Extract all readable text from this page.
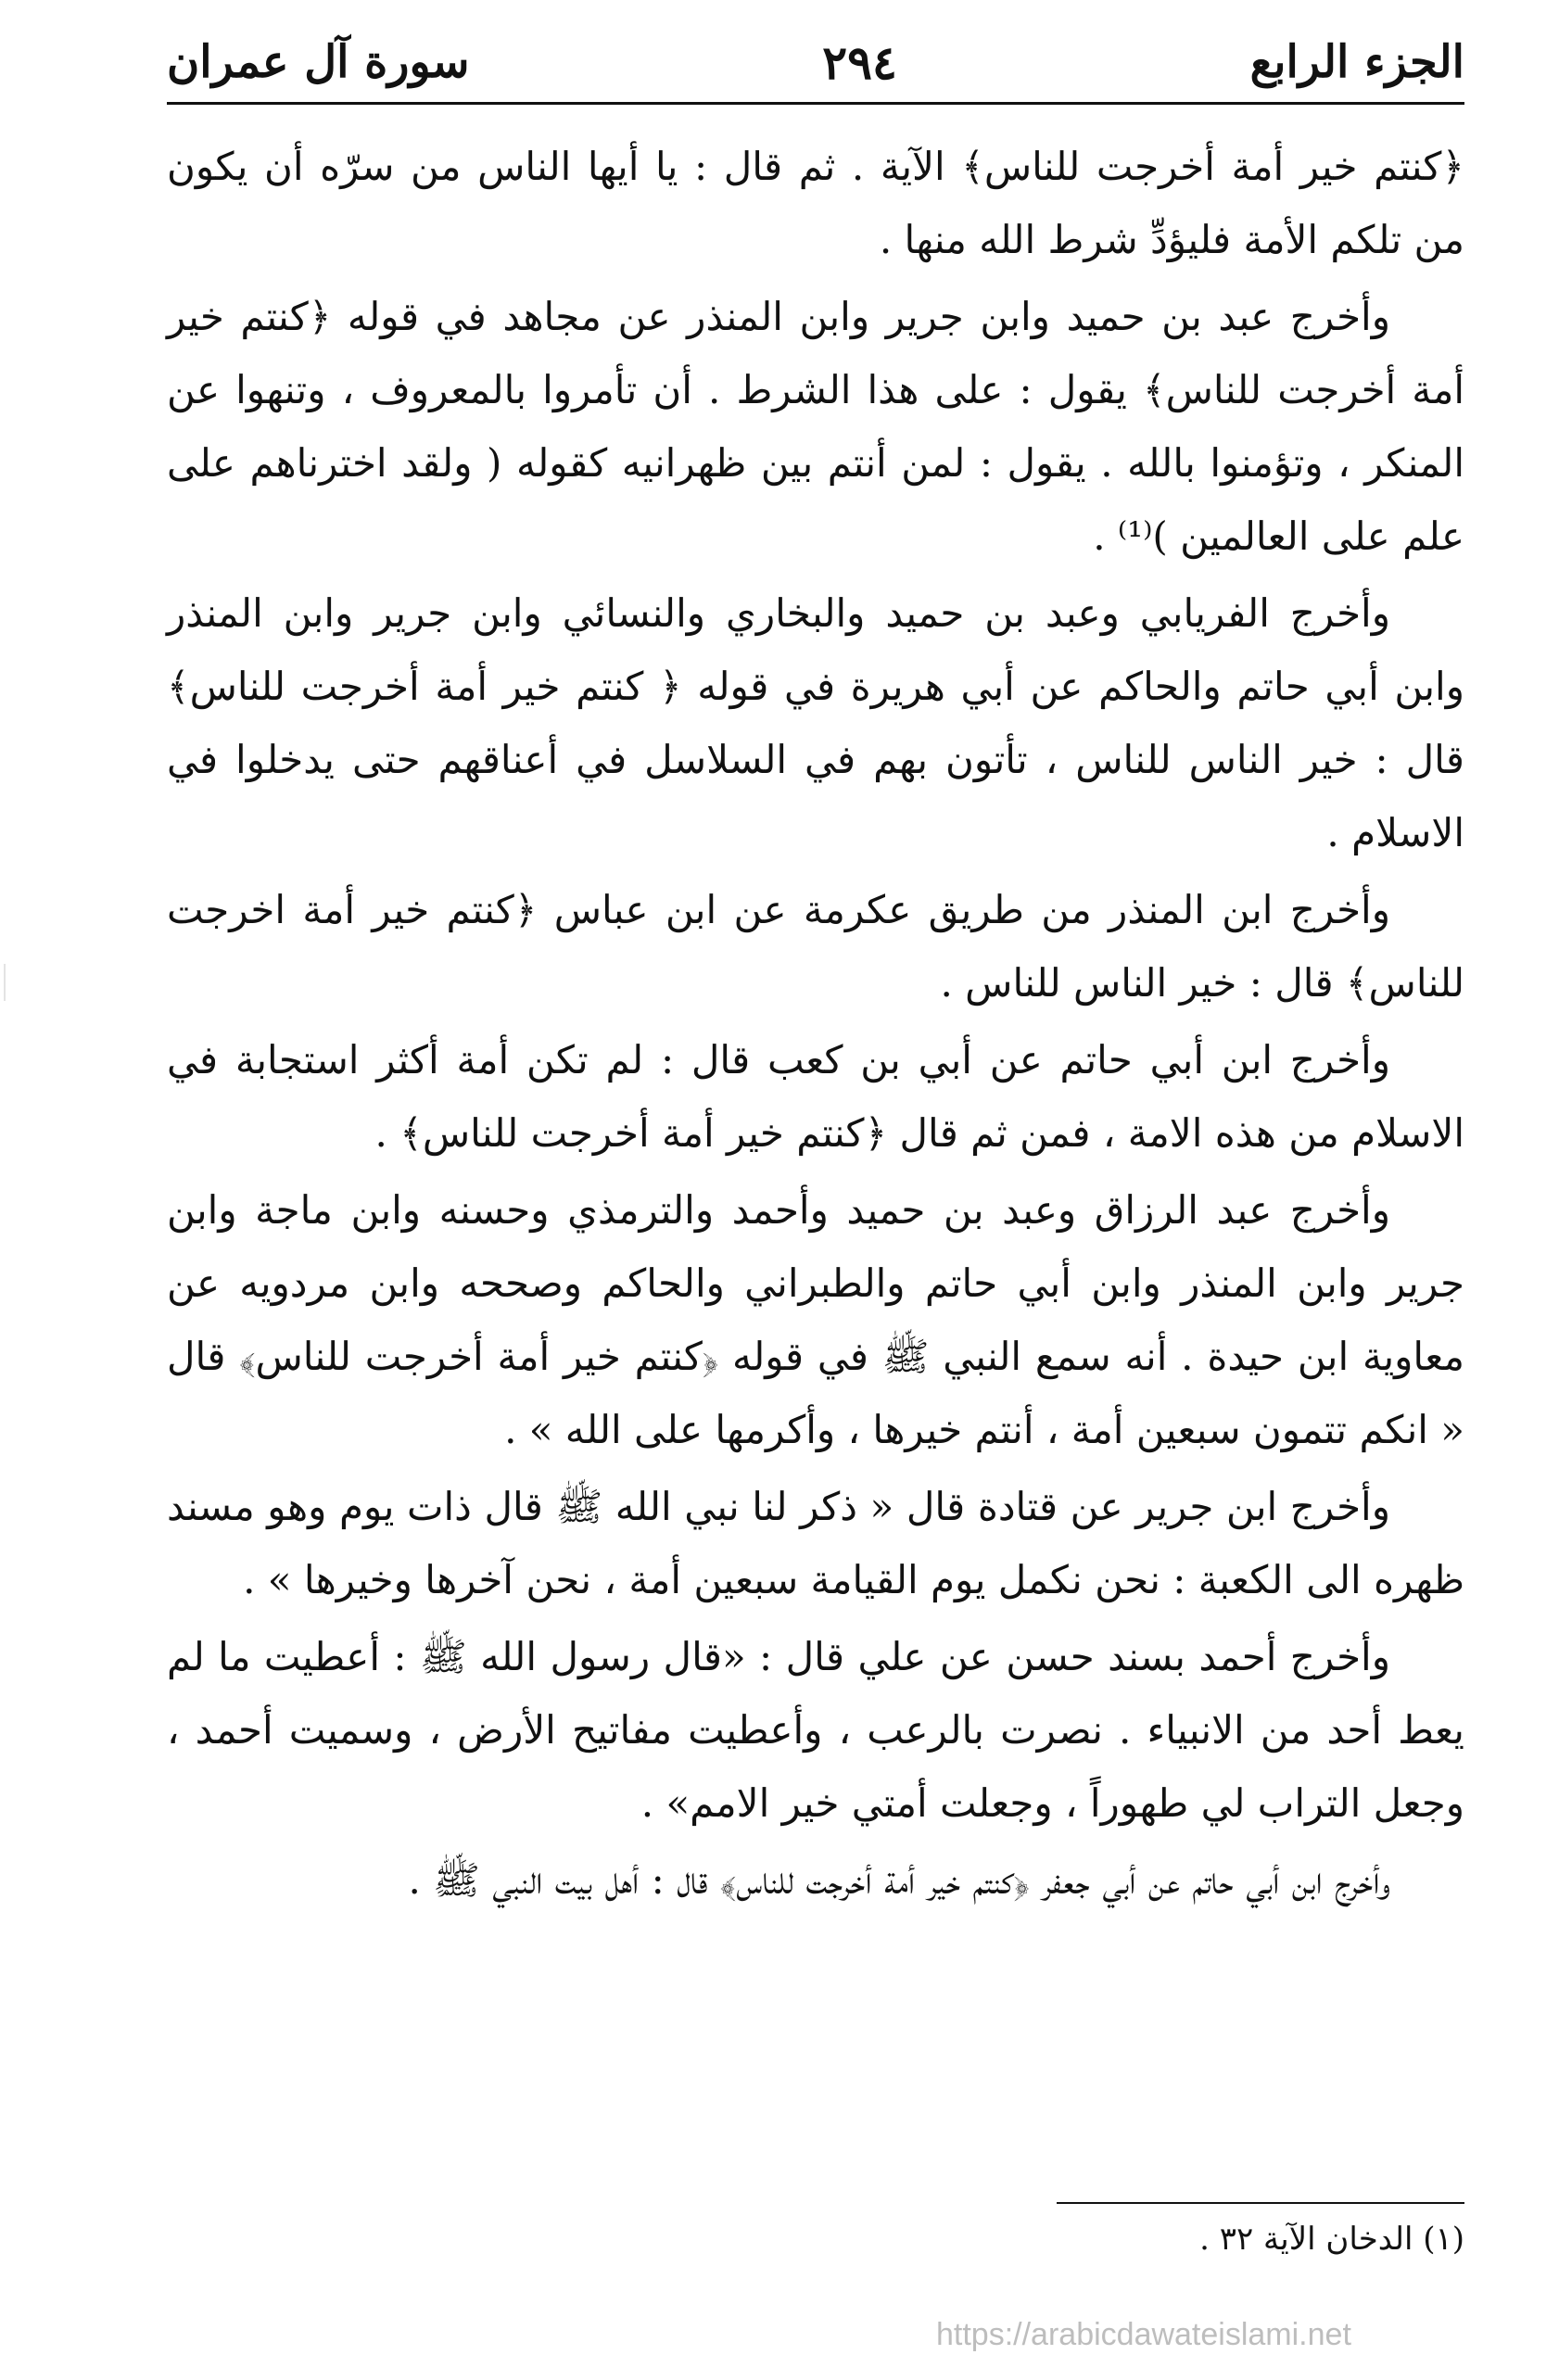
الجزء الرابع
٢٩٤
سورة آل عمران

﴿كنتم خير أمة أخرجت للناس﴾ الآية . ثم قال : يا أيها الناس من سرّه أن يكون من تلكم الأمة فليؤدِّ شرط الله منها .

وأخرج عبد بن حميد وابن جرير وابن المنذر عن مجاهد في قوله ﴿كنتم خير أمة أخرجت للناس﴾ يقول : على هذا الشرط . أن تأمروا بالمعروف ، وتنهوا عن المنكر ، وتؤمنوا بالله . يقول : لمن أنتم بين ظهرانيه كقوله ( ولقد اخترناهم على علم على العالمين )⁽¹⁾ .

وأخرج الفريابي وعبد بن حميد والبخاري والنسائي وابن جرير وابن المنذر وابن أبي حاتم والحاكم عن أبي هريرة في قوله ﴿ كنتم خير أمة أخرجت للناس﴾ قال : خير الناس للناس ، تأتون بهم في السلاسل في أعناقهم حتى يدخلوا في الاسلام .

وأخرج ابن المنذر من طريق عكرمة عن ابن عباس ﴿كنتم خير أمة اخرجت للناس﴾ قال : خير الناس للناس .

وأخرج ابن أبي حاتم عن أبي بن كعب قال : لم تكن أمة أكثر استجابة في الاسلام من هذه الامة ، فمن ثم قال ﴿كنتم خير أمة أخرجت للناس﴾ .

وأخرج عبد الرزاق وعبد بن حميد وأحمد والترمذي وحسنه وابن ماجة وابن جرير وابن المنذر وابن أبي حاتم والطبراني والحاكم وصححه وابن مردويه عن معاوية ابن حيدة . أنه سمع النبي ﷺ في قوله ﴿كنتم خير أمة أخرجت للناس﴾ قال « انكم تتمون سبعين أمة ، أنتم خيرها ، وأكرمها على الله » .

وأخرج ابن جرير عن قتادة قال « ذكر لنا نبي الله ﷺ قال ذات يوم وهو مسند ظهره الى الكعبة : نحن نكمل يوم القيامة سبعين أمة ، نحن آخرها وخيرها » .

وأخرج أحمد بسند حسن عن علي قال : «قال رسول الله ﷺ : أعطيت ما لم يعط أحد من الانبياء . نصرت بالرعب ، وأعطيت مفاتيح الأرض ، وسميت أحمد ، وجعل التراب لي طهوراً ، وجعلت أمتي خير الامم» .

وأخرج ابن أبي حاتم عن أبي جعفر ﴿كنتم خير أمة أخرجت للناس﴾ قال : أهل بيت النبي ﷺ .

(١) الدخان الآية ٣٢ .
https://arabicdawateislami.net
